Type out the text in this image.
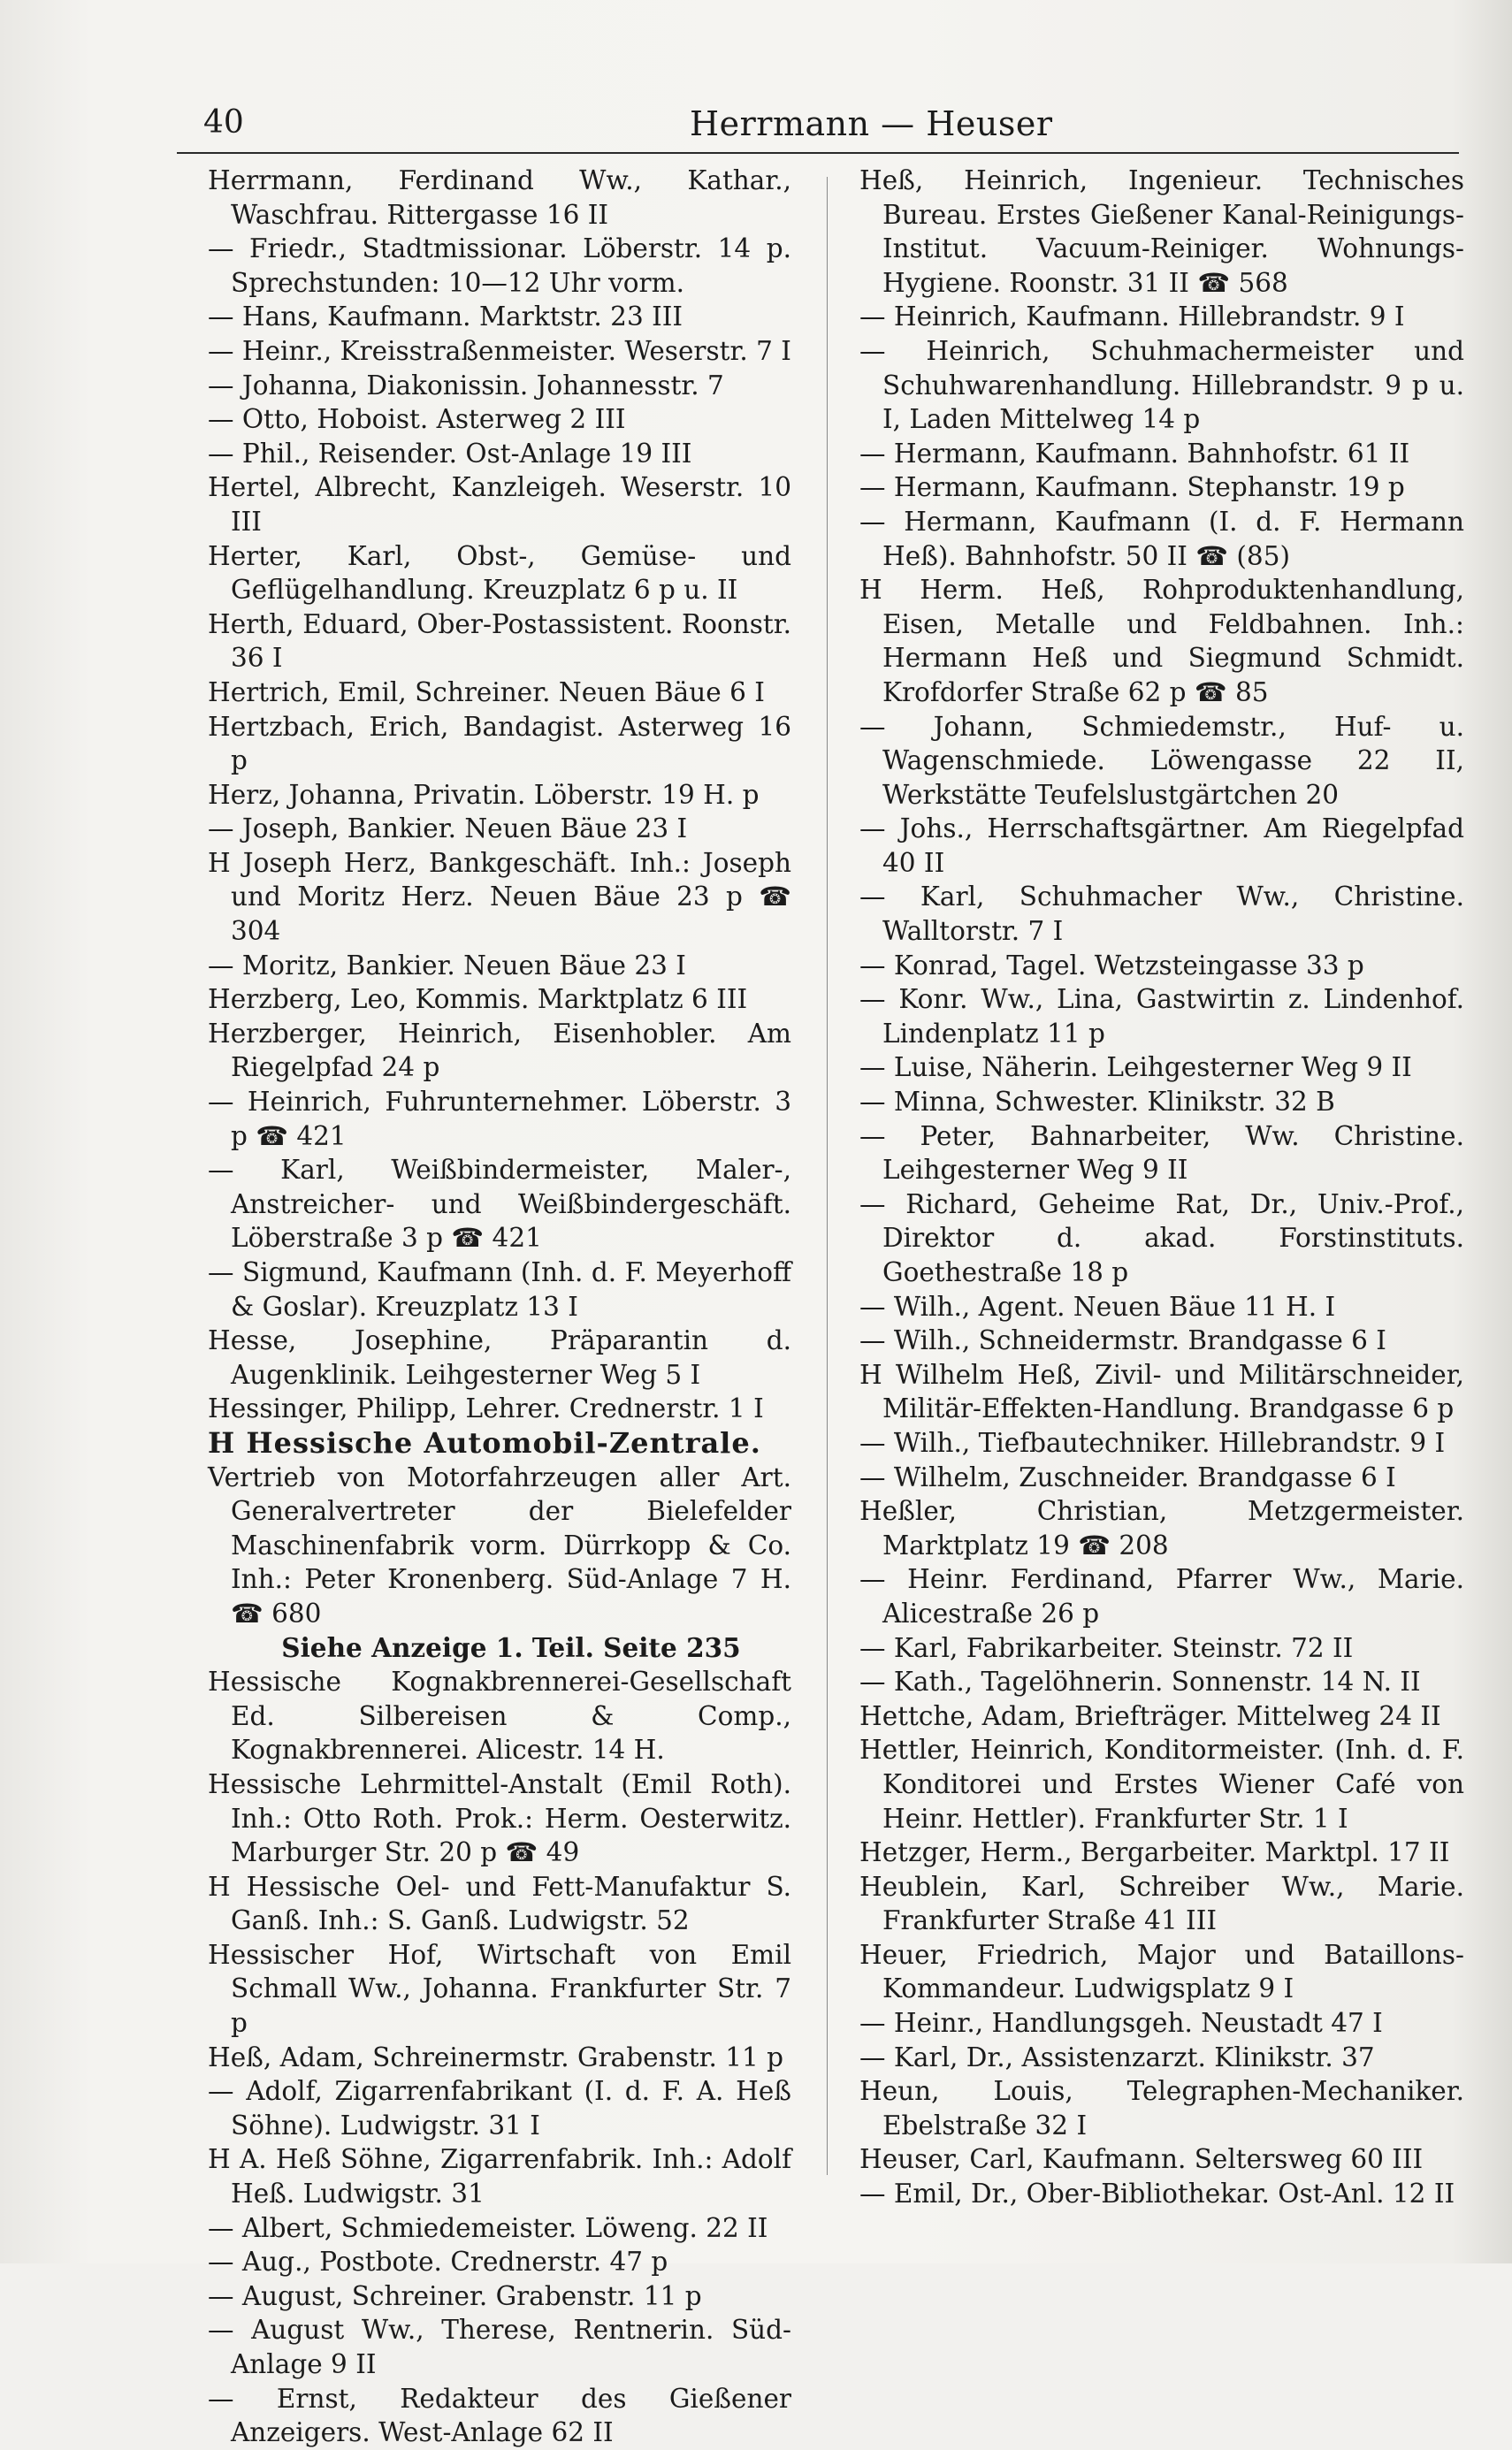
40	Herrmann — Heuser
Herrmann, Ferdinand Ww., Kathar., Waschfrau. Rittergasse 16 II
— Friedr., Stadtmissionar. Löberstr. 14 p. Sprechstunden: 10—12 Uhr vorm.
— Hans, Kaufmann. Marktstr. 23 III
— Heinr., Kreisstraßenmeister. Weserstr. 7 I
— Johanna, Diakonissin. Johannesstr. 7
— Otto, Hoboist. Asterweg 2 III
— Phil., Reisender. Ost-Anlage 19 III
Hertel, Albrecht, Kanzleigeh. Weserstr. 10 III
Herter, Karl, Obst-, Gemüse- und Geflügelhandlung. Kreuzplatz 6 p u. II
Herth, Eduard, Ober-Postassistent. Roonstr. 36 I
Hertrich, Emil, Schreiner. Neuen Bäue 6 I
Hertzbach, Erich, Bandagist. Asterweg 16 p
Herz, Johanna, Privatin. Löberstr. 19 H. p
— Joseph, Bankier. Neuen Bäue 23 I
H Joseph Herz, Bankgeschäft. Inh.: Joseph und Moritz Herz. Neuen Bäue 23 p ☎ 304
— Moritz, Bankier. Neuen Bäue 23 I
Herzberg, Leo, Kommis. Marktplatz 6 III
Herzberger, Heinrich, Eisenhobler. Am Riegelpfad 24 p
— Heinrich, Fuhrunternehmer. Löberstr. 3 p ☎ 421
— Karl, Weißbindermeister, Maler-, Anstreicher- und Weißbindergeschäft. Löberstraße 3 p ☎ 421
— Sigmund, Kaufmann (Inh. d. F. Meyerhoff & Goslar). Kreuzplatz 13 I
Hesse, Josephine, Präparantin d. Augenklinik. Leihgesterner Weg 5 I
Hessinger, Philipp, Lehrer. Crednerstr. 1 I
H Hessische Automobil-Zentrale.
Vertrieb von Motorfahrzeugen aller Art. Generalvertreter der Bielefelder Maschinenfabrik vorm. Dürrkopp & Co. Inh.: Peter Kronenberg. Süd-Anlage 7 H. ☎ 680
Siehe Anzeige 1. Teil. Seite 235
Hessische Kognakbrennerei-Gesellschaft Ed. Silbereisen & Comp., Kognakbrennerei. Alicestr. 14 H.
Hessische Lehrmittel-Anstalt (Emil Roth). Inh.: Otto Roth. Prok.: Herm. Oesterwitz. Marburger Str. 20 p ☎ 49
H Hessische Oel- und Fett-Manufaktur S. Ganß. Inh.: S. Ganß. Ludwigstr. 52
Hessischer Hof, Wirtschaft von Emil Schmall Ww., Johanna. Frankfurter Str. 7 p
Heß, Adam, Schreinermstr. Grabenstr. 11 p
— Adolf, Zigarrenfabrikant (I. d. F. A. Heß Söhne). Ludwigstr. 31 I
H A. Heß Söhne, Zigarrenfabrik. Inh.: Adolf Heß. Ludwigstr. 31
— Albert, Schmiedemeister. Löweng. 22 II
— Aug., Postbote. Crednerstr. 47 p
— August, Schreiner. Grabenstr. 11 p
— August Ww., Therese, Rentnerin. Süd-Anlage 9 II
— Ernst, Redakteur des Gießener Anzeigers. West-Anlage 62 II
Heß, Heinrich, Ingenieur. Technisches Bureau. Erstes Gießener Kanal-Reinigungs-Institut. Vacuum-Reiniger. Wohnungs-Hygiene. Roonstr. 31 II ☎ 568
— Heinrich, Kaufmann. Hillebrandstr. 9 I
— Heinrich, Schuhmachermeister und Schuhwarenhandlung. Hillebrandstr. 9 p u. I, Laden Mittelweg 14 p
— Hermann, Kaufmann. Bahnhofstr. 61 II
— Hermann, Kaufmann. Stephanstr. 19 p
— Hermann, Kaufmann (I. d. F. Hermann Heß). Bahnhofstr. 50 II ☎ (85)
H Herm. Heß, Rohproduktenhandlung, Eisen, Metalle und Feldbahnen. Inh.: Hermann Heß und Siegmund Schmidt. Krofdorfer Straße 62 p ☎ 85
— Johann, Schmiedemstr., Huf- u. Wagenschmiede. Löwengasse 22 II, Werkstätte Teufelslustgärtchen 20
— Johs., Herrschaftsgärtner. Am Riegelpfad 40 II
— Karl, Schuhmacher Ww., Christine. Walltorstr. 7 I
— Konrad, Tagel. Wetzsteingasse 33 p
— Konr. Ww., Lina, Gastwirtin z. Lindenhof. Lindenplatz 11 p
— Luise, Näherin. Leihgesterner Weg 9 II
— Minna, Schwester. Klinikstr. 32 B
— Peter, Bahnarbeiter, Ww. Christine. Leihgesterner Weg 9 II
— Richard, Geheime Rat, Dr., Univ.-Prof., Direktor d. akad. Forstinstituts. Goethestraße 18 p
— Wilh., Agent. Neuen Bäue 11 H. I
— Wilh., Schneidermstr. Brandgasse 6 I
H Wilhelm Heß, Zivil- und Militärschneider, Militär-Effekten-Handlung. Brandgasse 6 p
— Wilh., Tiefbautechniker. Hillebrandstr. 9 I
— Wilhelm, Zuschneider. Brandgasse 6 I
Heßler, Christian, Metzgermeister. Marktplatz 19 ☎ 208
— Heinr. Ferdinand, Pfarrer Ww., Marie. Alicestraße 26 p
— Karl, Fabrikarbeiter. Steinstr. 72 II
— Kath., Tagelöhnerin. Sonnenstr. 14 N. II
Hettche, Adam, Briefträger. Mittelweg 24 II
Hettler, Heinrich, Konditormeister. (Inh. d. F. Konditorei und Erstes Wiener Café von Heinr. Hettler). Frankfurter Str. 1 I
Hetzger, Herm., Bergarbeiter. Marktpl. 17 II
Heublein, Karl, Schreiber Ww., Marie. Frankfurter Straße 41 III
Heuer, Friedrich, Major und Bataillons-Kommandeur. Ludwigsplatz 9 I
— Heinr., Handlungsgeh. Neustadt 47 I
— Karl, Dr., Assistenzarzt. Klinikstr. 37
Heun, Louis, Telegraphen-Mechaniker. Ebelstraße 32 I
Heuser, Carl, Kaufmann. Seltersweg 60 III
— Emil, Dr., Ober-Bibliothekar. Ost-Anl. 12 II
